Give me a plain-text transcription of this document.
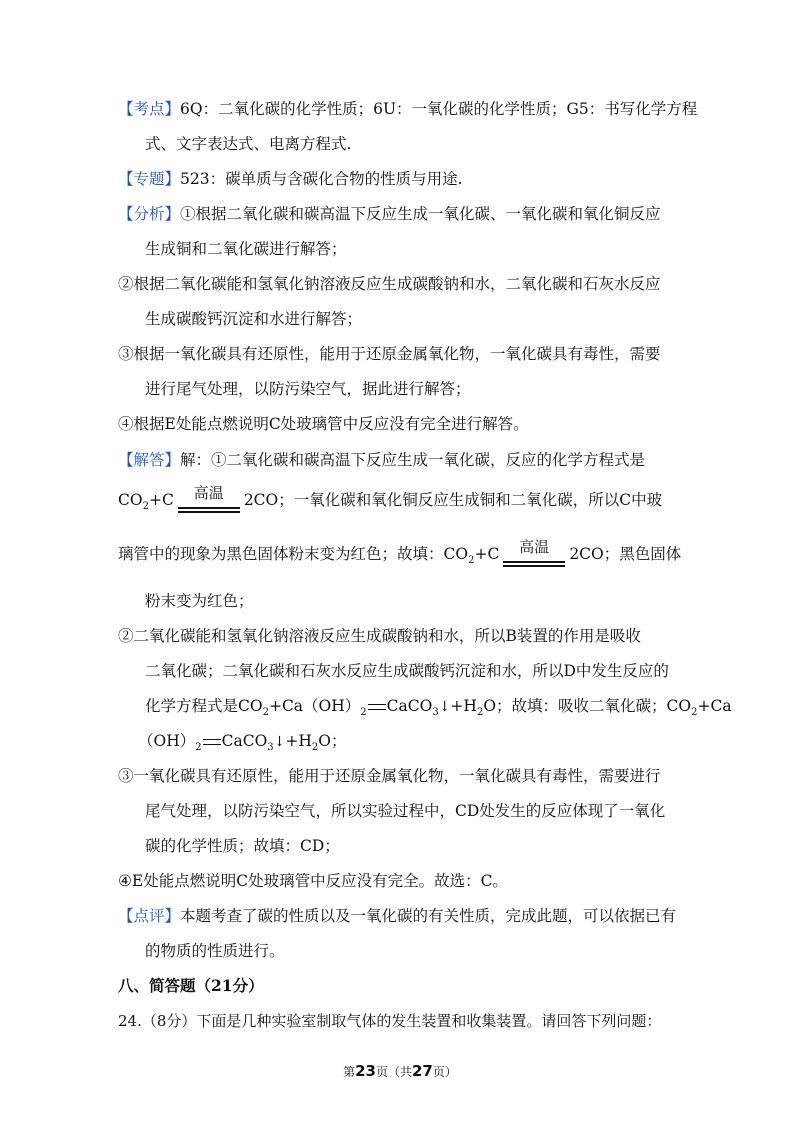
【考点】6Q：二氧化碳的化学性质；6U：一氧化碳的化学性质；G5：书写化学方程
式、文字表达式、电离方程式.
【专题】523：碳单质与含碳化合物的性质与用途.
【分析】①根据二氧化碳和碳高温下反应生成一氧化碳、一氧化碳和氧化铜反应
生成铜和二氧化碳进行解答；
②根据二氧化碳能和氢氧化钠溶液反应生成碳酸钠和水，二氧化碳和石灰水反应
生成碳酸钙沉淀和水进行解答；
③根据一氧化碳具有还原性，能用于还原金属氧化物，一氧化碳具有毒性，需要
进行尾气处理，以防污染空气，据此进行解答；
④根据E处能点燃说明C处玻璃管中反应没有完全进行解答。
【解答】解：①二氧化碳和碳高温下反应生成一氧化碳，反应的化学方程式是
$CO_2+C$	高温	2CO；一氧化碳和氧化铜反应生成铜和二氧化碳，所以C中玻
璃管中的现象为黑色固体粉末变为红色；故填：$CO_2+C$	高温	2CO；黑色固体
粉末变为红色；
②二氧化碳能和氢氧化钠溶液反应生成碳酸钠和水，所以B装置的作用是吸收
二氧化碳；二氧化碳和石灰水反应生成碳酸钙沉淀和水，所以D中发生反应的
化学方程式是$CO_2+Ca(OH)_2$ $CaCO_3↓+H_2O$；故填：吸收二氧化碳；$CO_2+Ca$
$(OH)_2$ $CaCO_3↓+H_2O$；
③一氧化碳具有还原性，能用于还原金属氧化物，一氧化碳具有毒性，需要进行
尾气处理，以防污染空气，所以实验过程中，CD处发生的反应体现了一氧化
碳的化学性质；故填：CD；
④E处能点燃说明C处玻璃管中反应没有完全。故选：C。
【点评】本题考查了碳的性质以及一氧化碳的有关性质，完成此题，可以依据已有
的物质的性质进行。
八、简答题（21分）
24.（8分）下面是几种实验室制取气体的发生装置和收集装置。请回答下列问题：
第23页（共27页）
